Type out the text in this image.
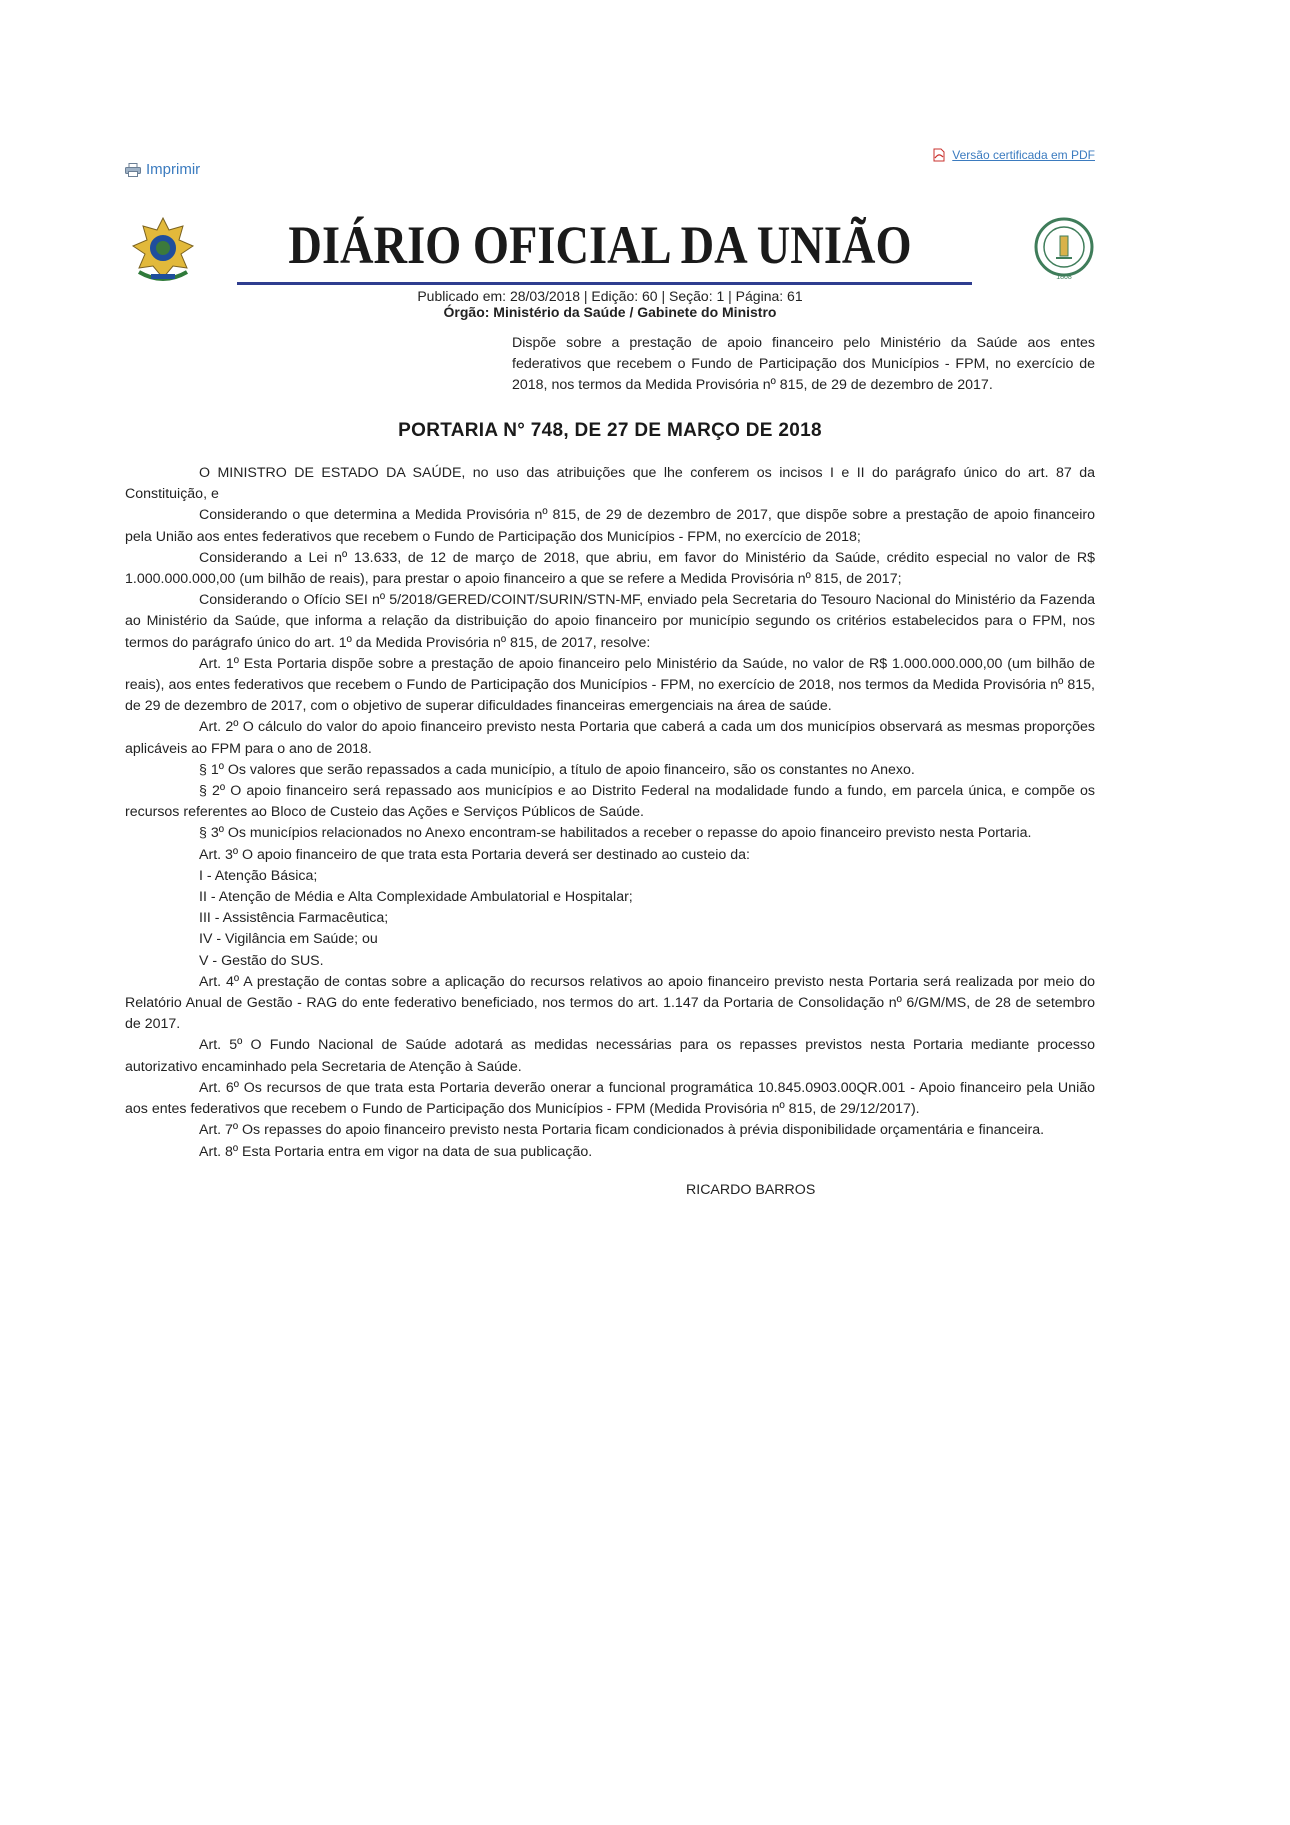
Imprimir
Versão certificada em PDF
DIÁRIO OFICIAL DA UNIÃO
1808
Publicado em: 28/03/2018 | Edição: 60 | Seção: 1 | Página: 61
Órgão: Ministério da Saúde / Gabinete do Ministro
Dispõe sobre a prestação de apoio financeiro pelo Ministério da Saúde aos entes federativos que recebem o Fundo de Participação dos Municípios - FPM, no exercício de 2018, nos termos da Medida Provisória nº 815, de 29 de dezembro de 2017.
PORTARIA N° 748, DE 27 DE MARÇO DE 2018

O MINISTRO DE ESTADO DA SAÚDE, no uso das atribuições que lhe conferem os incisos I e II do parágrafo único do art. 87 da Constituição, e

Considerando o que determina a Medida Provisória nº 815, de 29 de dezembro de 2017, que dispõe sobre a prestação de apoio financeiro pela União aos entes federativos que recebem o Fundo de Participação dos Municípios - FPM, no exercício de 2018;

Considerando a Lei nº 13.633, de 12 de março de 2018, que abriu, em favor do Ministério da Saúde, crédito especial no valor de R$ 1.000.000.000,00 (um bilhão de reais), para prestar o apoio financeiro a que se refere a Medida Provisória nº 815, de 2017;

Considerando o Ofício SEI nº 5/2018/GERED/COINT/SURIN/STN-MF, enviado pela Secretaria do Tesouro Nacional do Ministério da Fazenda ao Ministério da Saúde, que informa a relação da distribuição do apoio financeiro por município segundo os critérios estabelecidos para o FPM, nos termos do parágrafo único do art. 1º da Medida Provisória nº 815, de 2017, resolve:

Art. 1º Esta Portaria dispõe sobre a prestação de apoio financeiro pelo Ministério da Saúde, no valor de R$ 1.000.000.000,00 (um bilhão de reais), aos entes federativos que recebem o Fundo de Participação dos Municípios - FPM, no exercício de 2018, nos termos da Medida Provisória nº 815, de 29 de dezembro de 2017, com o objetivo de superar dificuldades financeiras emergenciais na área de saúde.

Art. 2º O cálculo do valor do apoio financeiro previsto nesta Portaria que caberá a cada um dos municípios observará as mesmas proporções aplicáveis ao FPM para o ano de 2018.

§ 1º Os valores que serão repassados a cada município, a título de apoio financeiro, são os constantes no Anexo.

§ 2º O apoio financeiro será repassado aos municípios e ao Distrito Federal na modalidade fundo a fundo, em parcela única, e compõe os recursos referentes ao Bloco de Custeio das Ações e Serviços Públicos de Saúde.

§ 3º Os municípios relacionados no Anexo encontram-se habilitados a receber o repasse do apoio financeiro previsto nesta Portaria.

Art. 3º O apoio financeiro de que trata esta Portaria deverá ser destinado ao custeio da:

I - Atenção Básica;

II - Atenção de Média e Alta Complexidade Ambulatorial e Hospitalar;

III - Assistência Farmacêutica;

IV - Vigilância em Saúde; ou

V - Gestão do SUS.

Art. 4º A prestação de contas sobre a aplicação do recursos relativos ao apoio financeiro previsto nesta Portaria será realizada por meio do Relatório Anual de Gestão - RAG do ente federativo beneficiado, nos termos do art. 1.147 da Portaria de Consolidação nº 6/GM/MS, de 28 de setembro de 2017.

Art. 5º O Fundo Nacional de Saúde adotará as medidas necessárias para os repasses previstos nesta Portaria mediante processo autorizativo encaminhado pela Secretaria de Atenção à Saúde.

Art. 6º Os recursos de que trata esta Portaria deverão onerar a funcional programática 10.845.0903.00QR.001 - Apoio financeiro pela União aos entes federativos que recebem o Fundo de Participação dos Municípios - FPM (Medida Provisória nº 815, de 29/12/2017).

Art. 7º Os repasses do apoio financeiro previsto nesta Portaria ficam condicionados à prévia disponibilidade orçamentária e financeira.

Art. 8º Esta Portaria entra em vigor na data de sua publicação.

RICARDO BARROS
